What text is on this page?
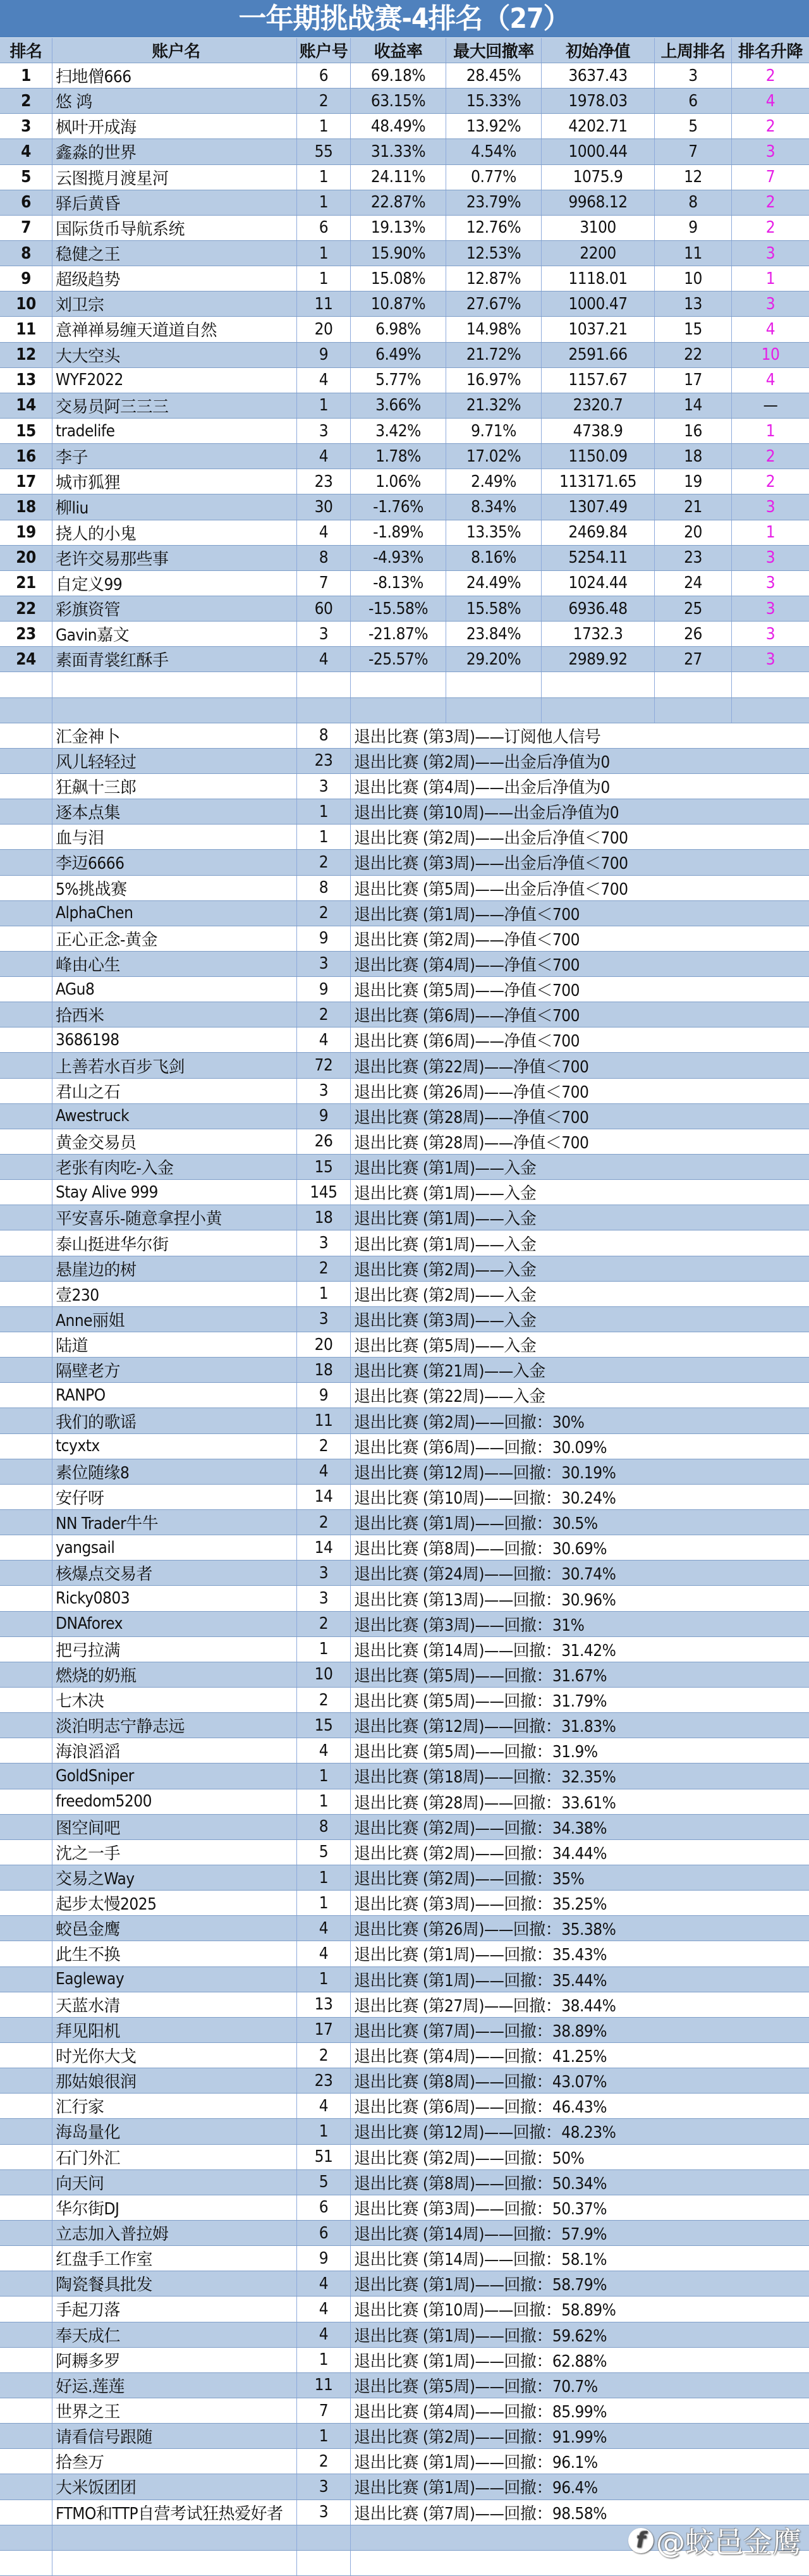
一年期挑战赛-4排名（27）
排名	账户名	账户号	收益率	最大回撤率	初始净值	上周排名 排名升降
1	扫地僧666	6	69.18%	28.45%	3637.43	3	2
2	悠 鸿	2	63.15%	15.33%	1978.03	6	4
3	枫叶开成海	1	48.49%	13.92%	4202.71	5	2
4	鑫淼的世界	55	31.33%	4.54%	1000.44	7	3
5	云图揽月渡星河	1	24.11%	0.77%	1075.9	12	7
6	驿后黄昏	1	22.87%	23.79%	9968.12	8	2
7	国际货币导航系统	6	19.13%	12.76%	3100	9	2
8	稳健之王	1	15.90%	12.53%	2200	11	3
9	超级趋势	1	15.08%	12.87%	1118.01	10	1
10	刘卫宗	11	10.87%	27.67%	1000.47	13	3
11	意禅禅易缠天道道自然	20	6.98%	14.98%	1037.21	15	4
12	大大空头	9	6.49%	21.72%	2591.66	22	10
13	WYF2022	4	5.77%	16.97%	1157.67	17	4
14	交易员阿三三三	1	3.66%	21.32%	2320.7	14	—
15	tradelife	3	3.42%	9.71%	4738.9	16	1
16	李子	4	1.78%	17.02%	1150.09	18	2
17	城市狐狸	23	1.06%	2.49%	113171.65	19	2
18	柳liu	30	-1.76%	8.34%	1307.49	21	3
19	挠人的小鬼	4	-1.89%	13.35%	2469.84	20	1
20	老许交易那些事	8	-4.93%	8.16%	5254.11	23	3
21	自定义99	7	-8.13%	24.49%	1024.44	24	3
22	彩旗资管	60	-15.58%	15.58%	6936.48	25	3
23	Gavin嘉文	3	-21.87%	23.84%	1732.3	26	3
24	素面青裳红酥手	4	-25.57%	29.20%	2989.92	27	3
汇金神卜	8	退出比赛 (第3周)——订阅他人信号
风儿轻轻过	23	退出比赛 (第2周)——出金后净值为0
狂飙十三郎	3	退出比赛 (第4周)——出金后净值为0
逐本点集	1	退出比赛 (第10周)——出金后净值为0
血与泪	1	退出比赛 (第2周)——出金后净值＜700
李迈6666	2	退出比赛 (第3周)——出金后净值＜700
5%挑战赛	8	退出比赛 (第5周)——出金后净值＜700
AlphaChen	2	退出比赛 (第1周)——净值＜700
正心正念-黄金	9	退出比赛 (第2周)——净值＜700
峰由心生	3	退出比赛 (第4周)——净值＜700
AGu8	9	退出比赛 (第5周)——净值＜700
拾西米	2	退出比赛 (第6周)——净值＜700
3686198	4	退出比赛 (第6周)——净值＜700
上善若水百步飞剑	72	退出比赛 (第22周)——净值＜700
君山之石	3	退出比赛 (第26周)——净值＜700
Awestruck	9	退出比赛 (第28周)——净值＜700
黄金交易员	26	退出比赛 (第28周)——净值＜700
老张有肉吃-入金	15	退出比赛 (第1周)——入金
Stay Alive 999	145	退出比赛 (第1周)——入金
平安喜乐-随意拿捏小黄	18	退出比赛 (第1周)——入金
泰山挺进华尔街	3	退出比赛 (第1周)——入金
悬崖边的树	2	退出比赛 (第2周)——入金
壹230	1	退出比赛 (第2周)——入金
Anne丽姐	3	退出比赛 (第3周)——入金
陆道	20	退出比赛 (第5周)——入金
隔壁老方	18	退出比赛 (第21周)——入金
RANPO	9	退出比赛 (第22周)——入金
我们的歌谣	11	退出比赛 (第2周)——回撤：30%
tcyxtx	2	退出比赛 (第6周)——回撤：30.09%
素位随缘8	4	退出比赛 (第12周)——回撤：30.19%
安仔呀	14	退出比赛 (第10周)——回撤：30.24%
NN Trader牛牛	2	退出比赛 (第1周)——回撤：30.5%
yangsail	14	退出比赛 (第8周)——回撤：30.69%
核爆点交易者	3	退出比赛 (第24周)——回撤：30.74%
Ricky0803	3	退出比赛 (第13周)——回撤：30.96%
DNAforex	2	退出比赛 (第3周)——回撤：31%
把弓拉满	1	退出比赛 (第14周)——回撤：31.42%
燃烧的奶瓶	10	退出比赛 (第5周)——回撤：31.67%
七木决	2	退出比赛 (第5周)——回撤：31.79%
淡泊明志宁静志远	15	退出比赛 (第12周)——回撤：31.83%
海浪滔滔	4	退出比赛 (第5周)——回撤：31.9%
GoldSniper	1	退出比赛 (第18周)——回撤：32.35%
freedom5200	1	退出比赛 (第28周)——回撤：33.61%
图空间吧	8	退出比赛 (第2周)——回撤：34.38%
沈之一手	5	退出比赛 (第2周)——回撤：34.44%
交易之Way	1	退出比赛 (第2周)——回撤：35%
起步太慢2025	1	退出比赛 (第3周)——回撤：35.25%
蛟邑金鹰	4	退出比赛 (第26周)——回撤：35.38%
此生不换	4	退出比赛 (第1周)——回撤：35.43%
Eagleway	1	退出比赛 (第1周)——回撤：35.44%
天蓝水清	13	退出比赛 (第27周)——回撤：38.44%
拜见阳机	17	退出比赛 (第7周)——回撤：38.89%
时光你大戈	2	退出比赛 (第4周)——回撤：41.25%
那姑娘很润	23	退出比赛 (第8周)——回撤：43.07%
汇行家	4	退出比赛 (第6周)——回撤：46.43%
海岛量化	1	退出比赛 (第12周)——回撤：48.23%
石门外汇	51	退出比赛 (第2周)——回撤：50%
向天问	5	退出比赛 (第8周)——回撤：50.34%
华尔街DJ	6	退出比赛 (第3周)——回撤：50.37%
立志加入普拉姆	6	退出比赛 (第14周)——回撤：57.9%
红盘手工作室	9	退出比赛 (第14周)——回撤：58.1%
陶瓷餐具批发	4	退出比赛 (第1周)——回撤：58.79%
手起刀落	4	退出比赛 (第10周)——回撤：58.89%
奉天成仁	4	退出比赛 (第1周)——回撤：59.62%
阿耨多罗	1	退出比赛 (第1周)——回撤：62.88%
好运.莲莲	11	退出比赛 (第5周)——回撤：70.7%
世界之王	7	退出比赛 (第4周)——回撤：85.99%
请看信号跟随	1	退出比赛 (第2周)——回撤：91.99%
拾叁万	2	退出比赛 (第1周)——回撤：96.1%
大米饭团团	3	退出比赛 (第1周)——回撤：96.4%
FTMO和TTP自营考试狂热爱好者	3	退出比赛 (第7周)——回撤：98.58%
f @蛟邑金鹰
